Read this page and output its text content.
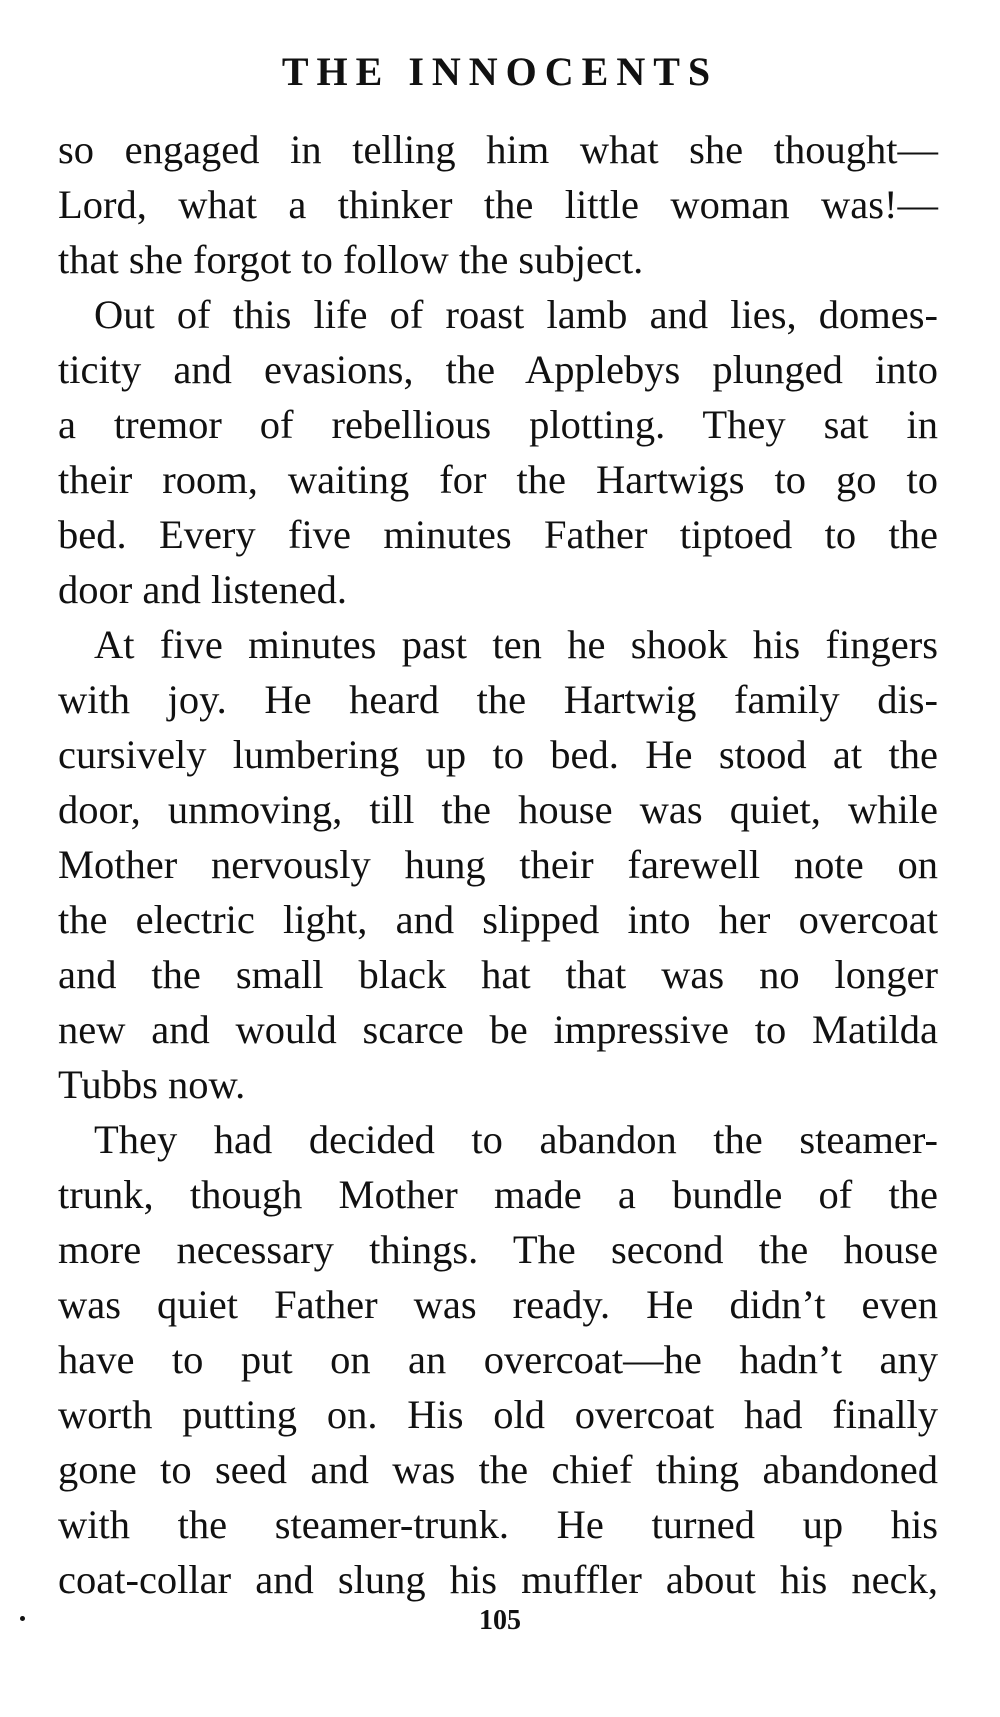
THE INNOCENTS
so engaged in telling him what she thought—
Lord, what a thinker the little woman was!—
that she forgot to follow the subject.
Out of this life of roast lamb and lies, domes-
ticity and evasions, the Applebys plunged into
a tremor of rebellious plotting. They sat in
their room, waiting for the Hartwigs to go to
bed. Every five minutes Father tiptoed to the
door and listened.
At five minutes past ten he shook his fingers
with joy. He heard the Hartwig family dis-
cursively lumbering up to bed. He stood at the
door, unmoving, till the house was quiet, while
Mother nervously hung their farewell note on
the electric light, and slipped into her overcoat
and the small black hat that was no longer
new and would scarce be impressive to Matilda
Tubbs now.
They had decided to abandon the steamer-
trunk, though Mother made a bundle of the
more necessary things. The second the house
was quiet Father was ready. He didn’t even
have to put on an overcoat—he hadn’t any
worth putting on. His old overcoat had finally
gone to seed and was the chief thing abandoned
with the steamer-trunk. He turned up his
coat-collar and slung his muffler about his neck,
105
